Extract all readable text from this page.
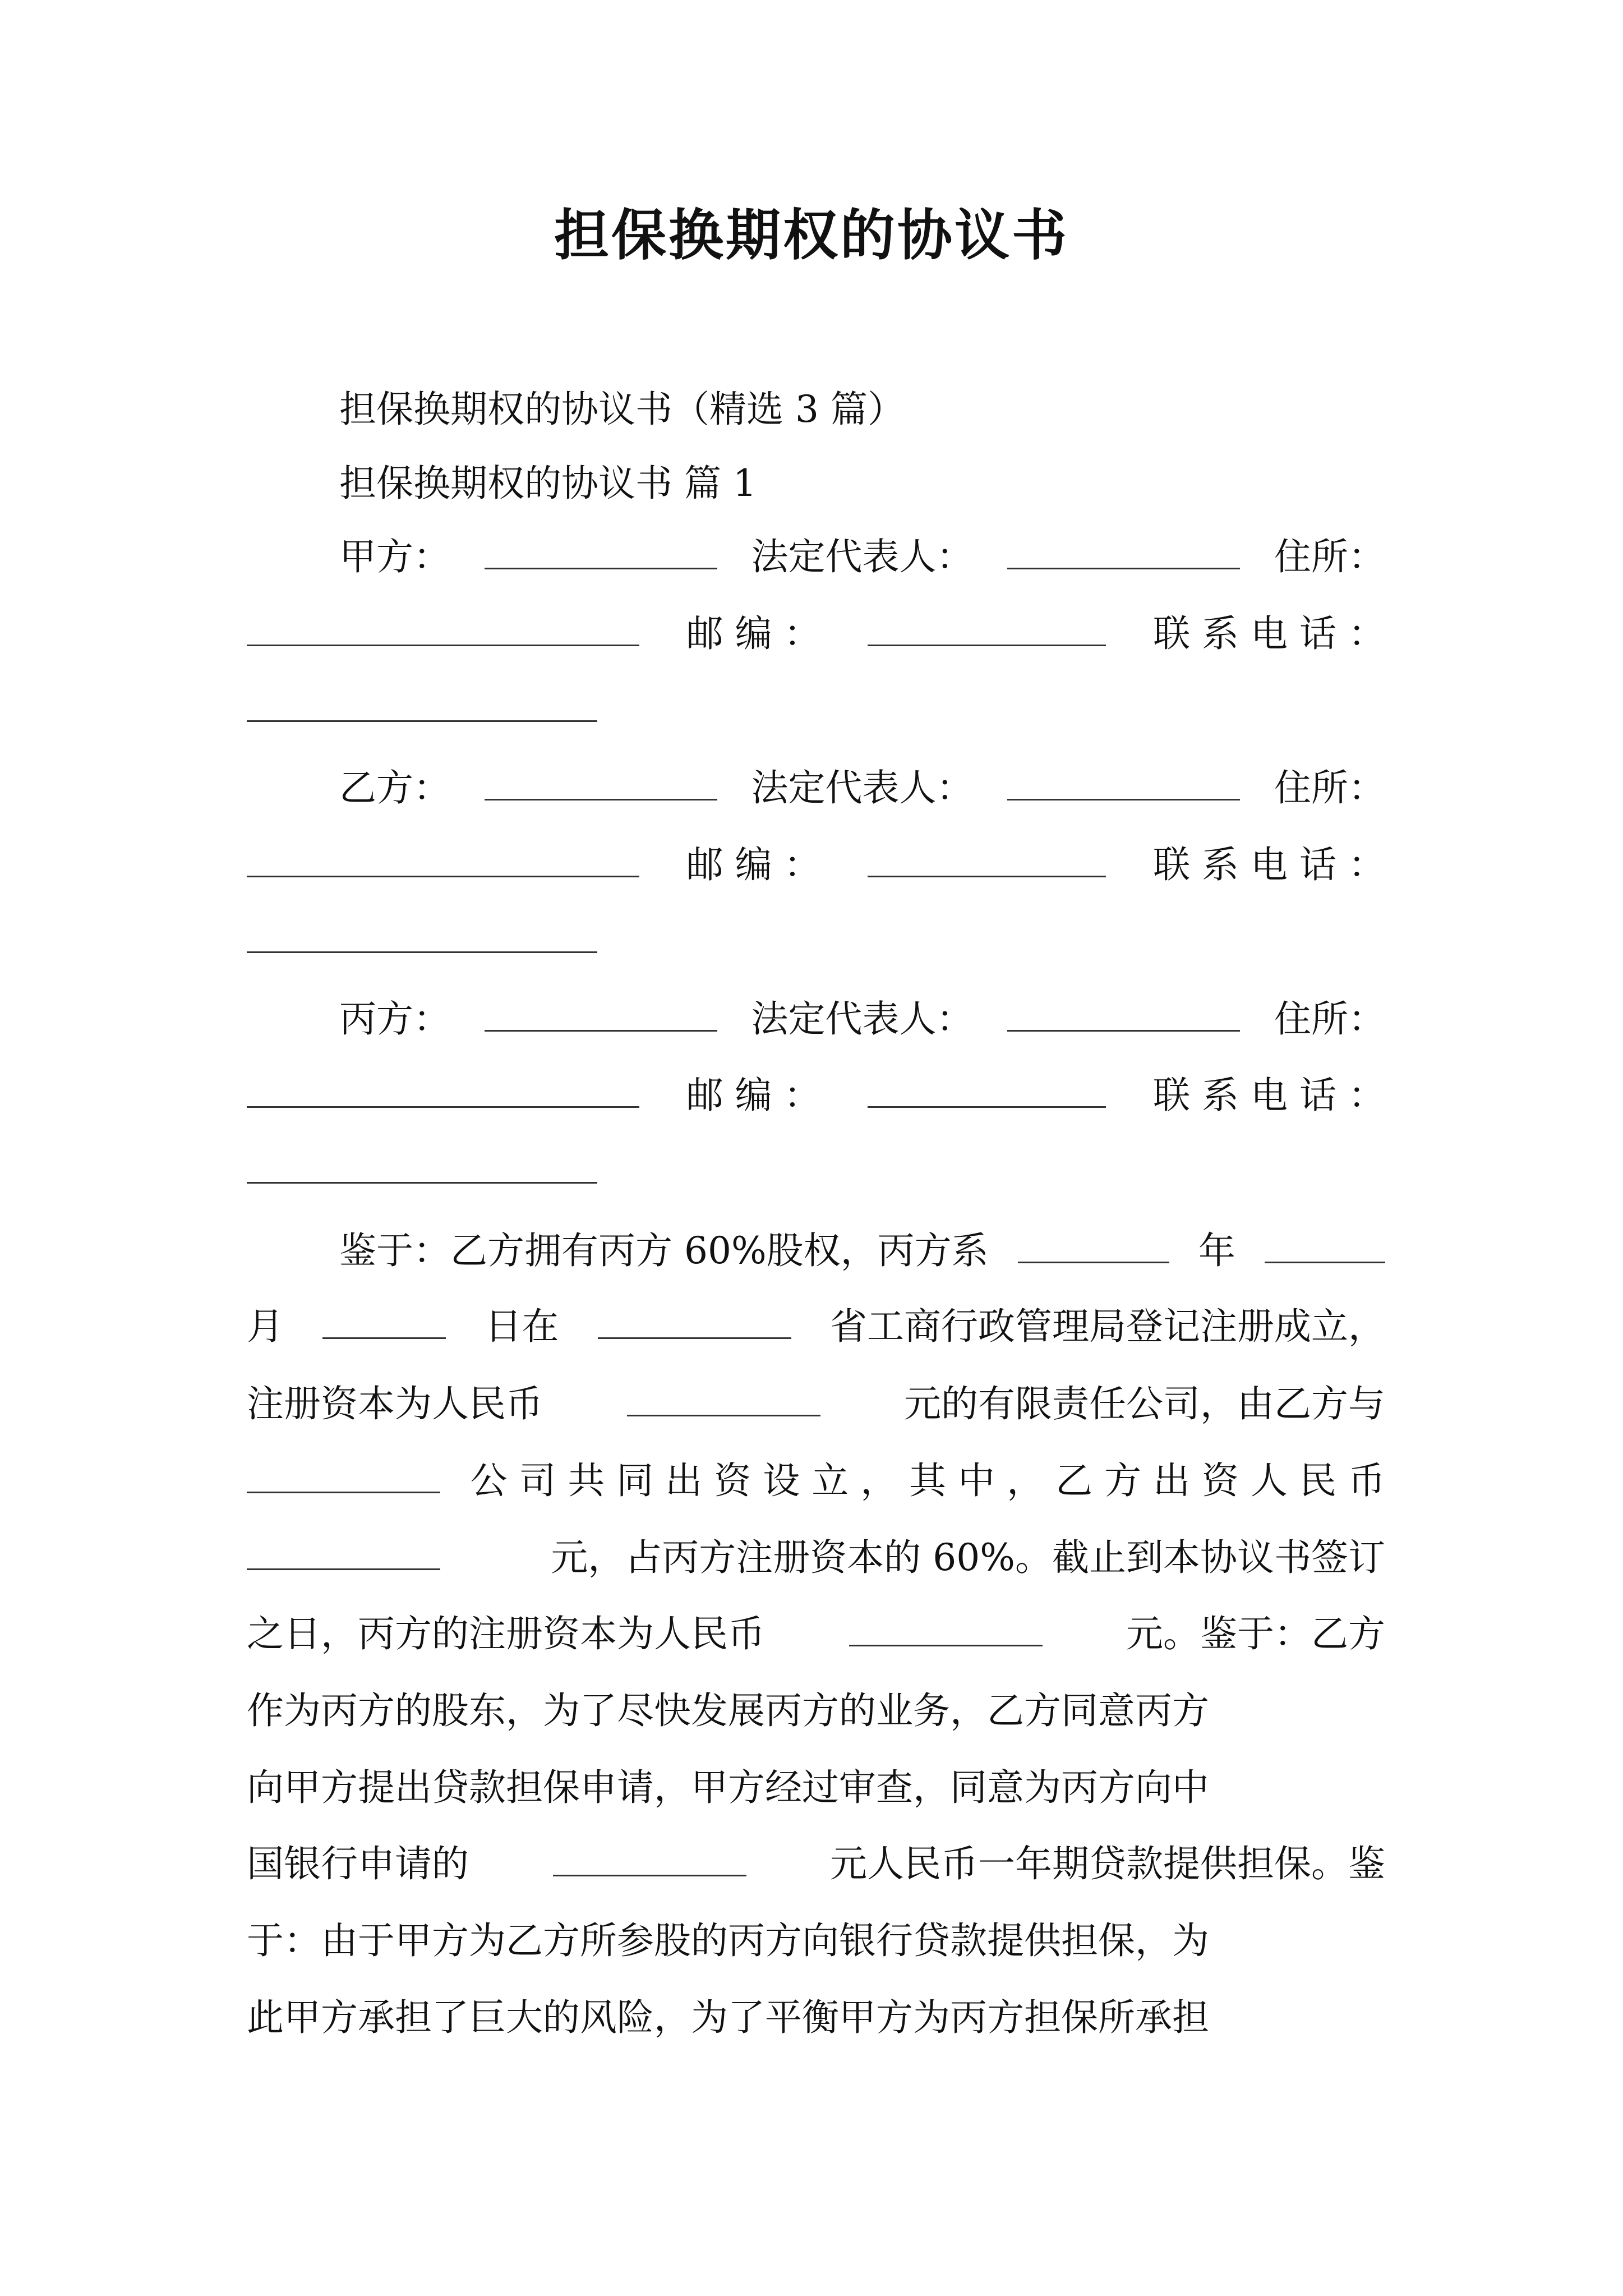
担保换期权的协议书
担保换期权的协议书（精选 3 篇）
担保换期权的协议书 篇 1
甲方：	法定代表人：	住所：
邮 编 ：	联 系 电 话 ：
乙方：	法定代表人：	住所：
邮 编 ：	联 系 电 话 ：
丙方：	法定代表人：	住所：
邮 编 ：	联 系 电 话 ：
鉴于：乙方拥有丙方 60%股权，丙方系	年
月	日在	省工商行政管理局登记注册成立，
注册资本为人民币	元的有限责任公司，由乙方与
公 司 共 同 出 资 设 立 ， 其 中 ， 乙 方 出 资 人 民 币
元，占丙方注册资本的 60%。截止到本协议书签订
之日，丙方的注册资本为人民币	元。鉴于：乙方
作为丙方的股东，为了尽快发展丙方的业务，乙方同意丙方
向甲方提出贷款担保申请，甲方经过审查，同意为丙方向中
国银行申请的	元人民币一年期贷款提供担保。鉴
于：由于甲方为乙方所参股的丙方向银行贷款提供担保，为
此甲方承担了巨大的风险，为了平衡甲方为丙方担保所承担
